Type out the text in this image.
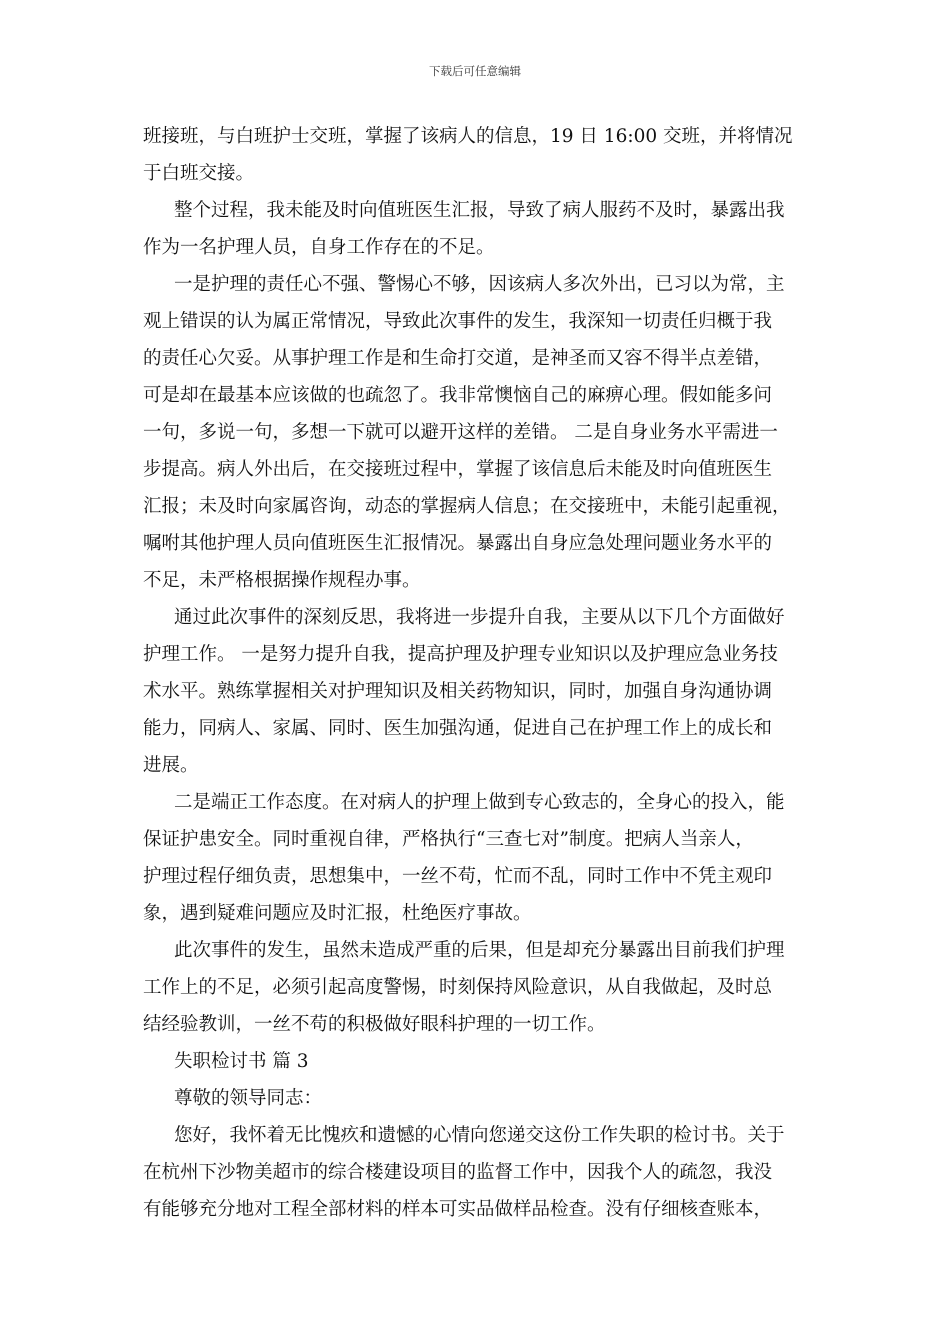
下载后可任意编辑
班接班，与白班护士交班，掌握了该病人的信息，19 日 16:00 交班，并将情况
于白班交接。
整个过程，我未能及时向值班医生汇报，导致了病人服药不及时，暴露出我
作为一名护理人员，自身工作存在的不足。
一是护理的责任心不强、警惕心不够，因该病人多次外出，已习以为常，主
观上错误的认为属正常情况，导致此次事件的发生，我深知一切责任归概于我
的责任心欠妥。从事护理工作是和生命打交道，是神圣而又容不得半点差错，
可是却在最基本应该做的也疏忽了。我非常懊恼自己的麻痹心理。假如能多问
一句，多说一句，多想一下就可以避开这样的差错。 二是自身业务水平需进一
步提高。病人外出后，在交接班过程中，掌握了该信息后未能及时向值班医生
汇报；未及时向家属咨询，动态的掌握病人信息；在交接班中，未能引起重视，
嘱咐其他护理人员向值班医生汇报情况。暴露出自身应急处理问题业务水平的
不足，未严格根据操作规程办事。
通过此次事件的深刻反思，我将进一步提升自我，主要从以下几个方面做好
护理工作。 一是努力提升自我，提高护理及护理专业知识以及护理应急业务技
术水平。熟练掌握相关对护理知识及相关药物知识，同时，加强自身沟通协调
能力，同病人、家属、同时、医生加强沟通，促进自己在护理工作上的成长和
进展。
二是端正工作态度。在对病人的护理上做到专心致志的，全身心的投入，能
保证护患安全。同时重视自律，严格执行“三查七对”制度。把病人当亲人，
护理过程仔细负责，思想集中，一丝不苟，忙而不乱，同时工作中不凭主观印
象，遇到疑难问题应及时汇报，杜绝医疗事故。
此次事件的发生，虽然未造成严重的后果，但是却充分暴露出目前我们护理
工作上的不足，必须引起高度警惕，时刻保持风险意识，从自我做起，及时总
结经验教训，一丝不苟的积极做好眼科护理的一切工作。
失职检讨书 篇 3
尊敬的领导同志：
您好，我怀着无比愧疚和遗憾的心情向您递交这份工作失职的检讨书。关于
在杭州下沙物美超市的综合楼建设项目的监督工作中，因我个人的疏忽，我没
有能够充分地对工程全部材料的样本可实品做样品检查。没有仔细核查账本，
